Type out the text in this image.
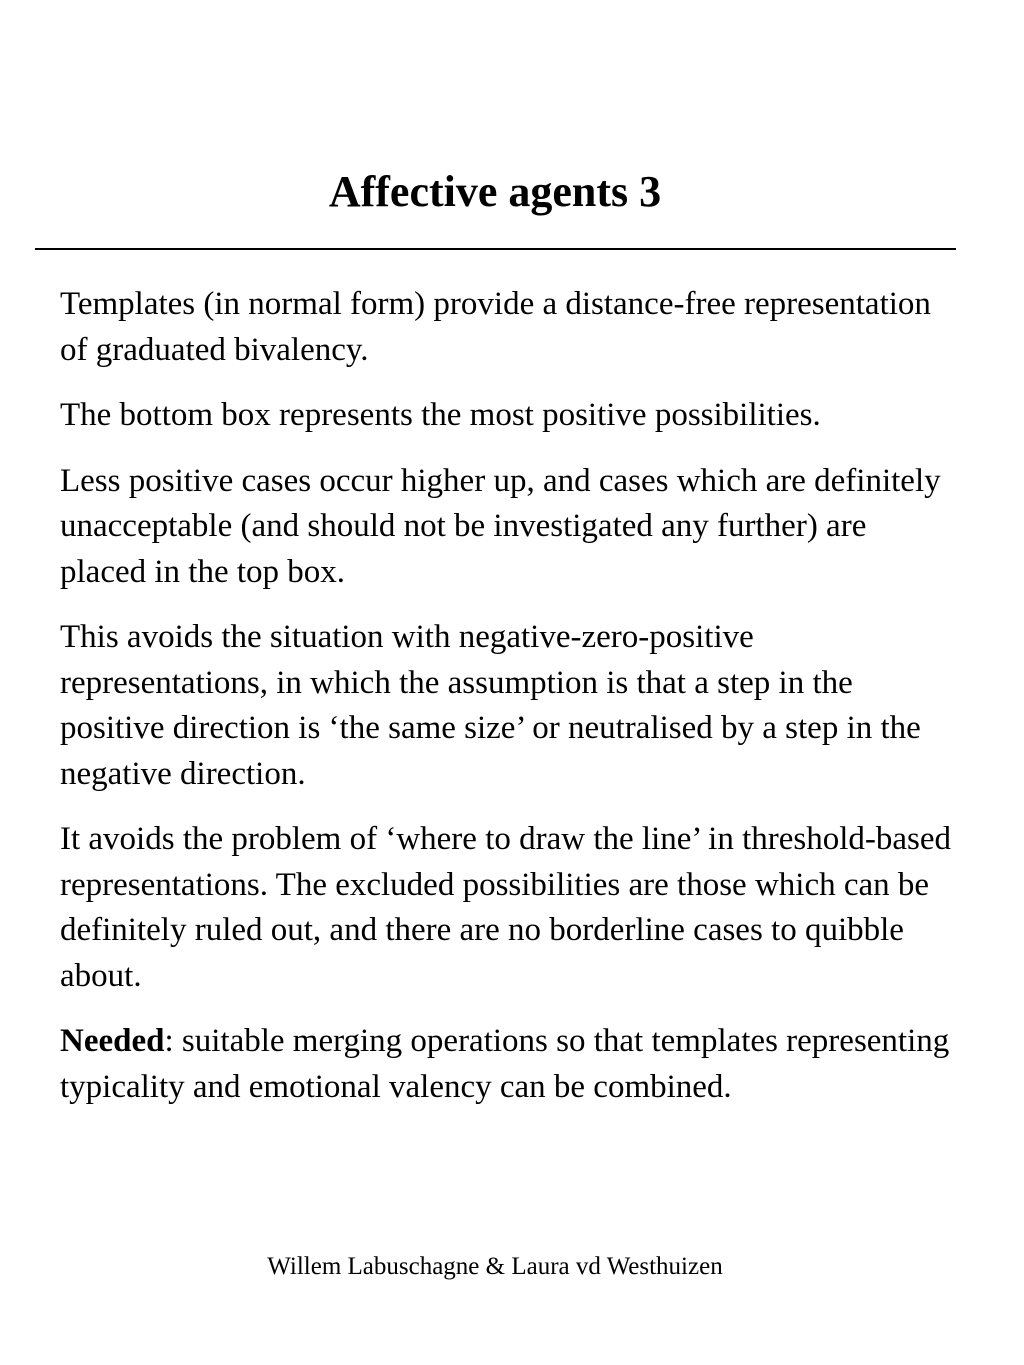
Affective agents 3

Templates (in normal form) provide a distance-free representation of graduated bivalency.

The bottom box represents the most positive possibilities.

Less positive cases occur higher up, and cases which are definitely unacceptable (and should not be investigated any further) are placed in the top box.

This avoids the situation with negative-zero-positive representations, in which the assumption is that a step in the positive direction is ‘the same size’ or neutralised by a step in the negative direction.

It avoids the problem of ‘where to draw the line’ in threshold-based representations. The excluded possibilities are those which can be definitely ruled out, and there are no borderline cases to quibble about.

Needed: suitable merging operations so that templates representing typicality and emotional valency can be combined.

Willem Labuschagne & Laura vd Westhuizen
